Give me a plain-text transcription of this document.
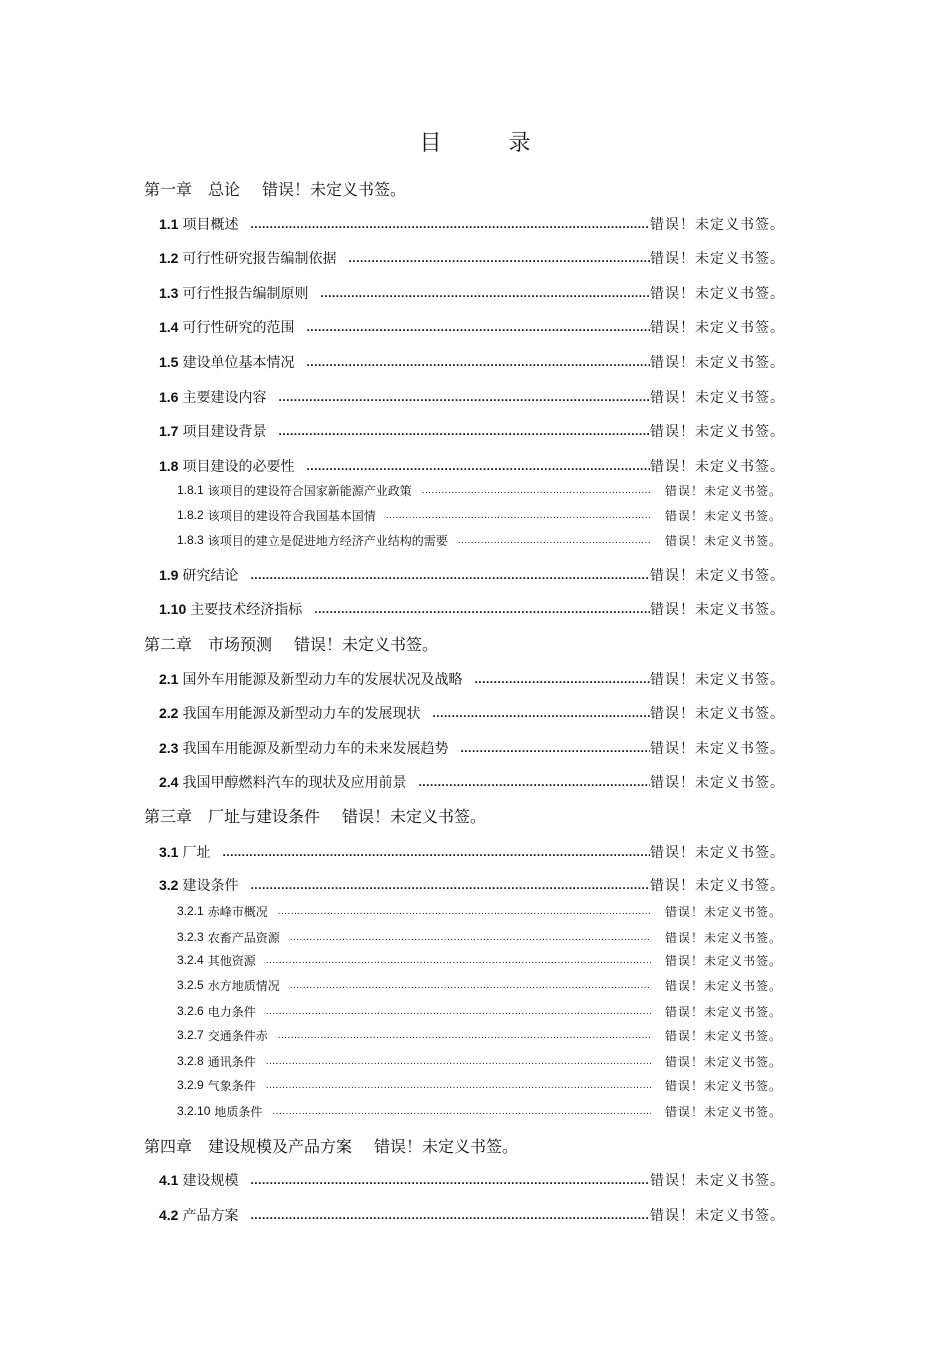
目 录
第一章 总论 错误！未定义书签。
1.1 项目概述 .....	错误！未定义书签。
1.2 可行性研究报告编制依据 .....	错误！未定义书签。
1.3 可行性报告编制原则 .....	错误！未定义书签。
1.4 可行性研究的范围 .....	错误！未定义书签。
1.5 建设单位基本情况 .....	错误！未定义书签。
1.6 主要建设内容 .....	错误！未定义书签。
1.7 项目建设背景 .....	错误！未定义书签。
1.8 项目建设的必要性 .....	错误！未定义书签。
1.8.1 该项目的建设符合国家新能源产业政策 .....	错误！未定义书签。
1.8.2 该项目的建设符合我国基本国情 .....	错误！未定义书签。
1.8.3 该项目的建立是促进地方经济产业结构的需要 .....	错误！未定义书签。
1.9 研究结论 .....	错误！未定义书签。
1.10 主要技术经济指标 .....	错误！未定义书签。
第二章 市场预测 错误！未定义书签。
2.1 国外车用能源及新型动力车的发展状况及战略 .....	错误！未定义书签。
2.2 我国车用能源及新型动力车的发展现状 .....	错误！未定义书签。
2.3 我国车用能源及新型动力车的未来发展趋势 .....	错误！未定义书签。
2.4 我国甲醇燃料汽车的现状及应用前景 .....	错误！未定义书签。
第三章 厂址与建设条件 错误！未定义书签。
3.1 厂址 .....	错误！未定义书签。
3.2 建设条件 .....	错误！未定义书签。
3.2.1 赤峰市概况 .....	错误！未定义书签。
3.2.3 农畜产品资源 .....	错误！未定义书签。
3.2.4 其他资源 .....	错误！未定义书签。
3.2.5 水方地质情况 .....	错误！未定义书签。
3.2.6 电力条件 .....	错误！未定义书签。
3.2.7 交通条件赤 .....	错误！未定义书签。
3.2.8 通讯条件 .....	错误！未定义书签。
3.2.9 气象条件 .....	错误！未定义书签。
3.2.10 地质条件 .....	错误！未定义书签。
第四章 建设规模及产品方案 错误！未定义书签。
4.1 建设规模 .....	错误！未定义书签。
4.2 产品方案 .....	错误！未定义书签。
